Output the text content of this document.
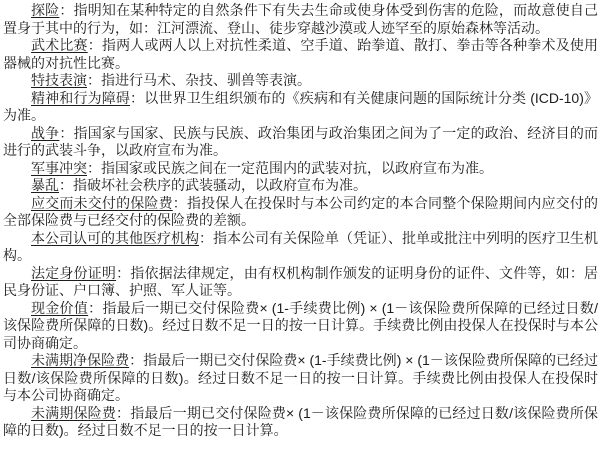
探险：指明知在某种特定的自然条件下有失去生命或使身体受到伤害的危险，而故意使自己置身于其中的行为，如：江河漂流、登山、徒步穿越沙漠或人迹罕至的原始森林等活动。

武术比赛：指两人或两人以上对抗性柔道、空手道、跆拳道、散打、拳击等各种拳术及使用器械的对抗性比赛。

特技表演：指进行马术、杂技、驯兽等表演。

精神和行为障碍：以世界卫生组织颁布的《疾病和有关健康问题的国际统计分类 (ICD-10)》为准。

战争：指国家与国家、民族与民族、政治集团与政治集团之间为了一定的政治、经济目的而进行的武装斗争，以政府宣布为准。

军事冲突：指国家或民族之间在一定范围内的武装对抗，以政府宣布为准。

暴乱：指破坏社会秩序的武装骚动，以政府宣布为准。

应交而未交付的保险费：指投保人在投保时与本公司约定的本合同整个保险期间内应交付的全部保险费与已经交付的保险费的差额。

本公司认可的其他医疗机构：指本公司有关保险单（凭证）、批单或批注中列明的医疗卫生机构。

法定身份证明：指依据法律规定，由有权机构制作颁发的证明身份的证件、文件等，如：居民身份证、户口簿、护照、军人证等。

现金价值：指最后一期已交付保险费× (1-手续费比例) × (1－该保险费所保障的已经过日数/该保险费所保障的日数)。经过日数不足一日的按一日计算。手续费比例由投保人在投保时与本公司协商确定。

未满期净保险费：指最后一期已交付保险费× (1-手续费比例) × (1－该保险费所保障的已经过日数/该保险费所保障的日数)。经过日数不足一日的按一日计算。手续费比例由投保人在投保时与本公司协商确定。

未满期保险费：指最后一期已交付保险费× (1－该保险费所保障的已经过日数/该保险费所保障的日数)。经过日数不足一日的按一日计算。
